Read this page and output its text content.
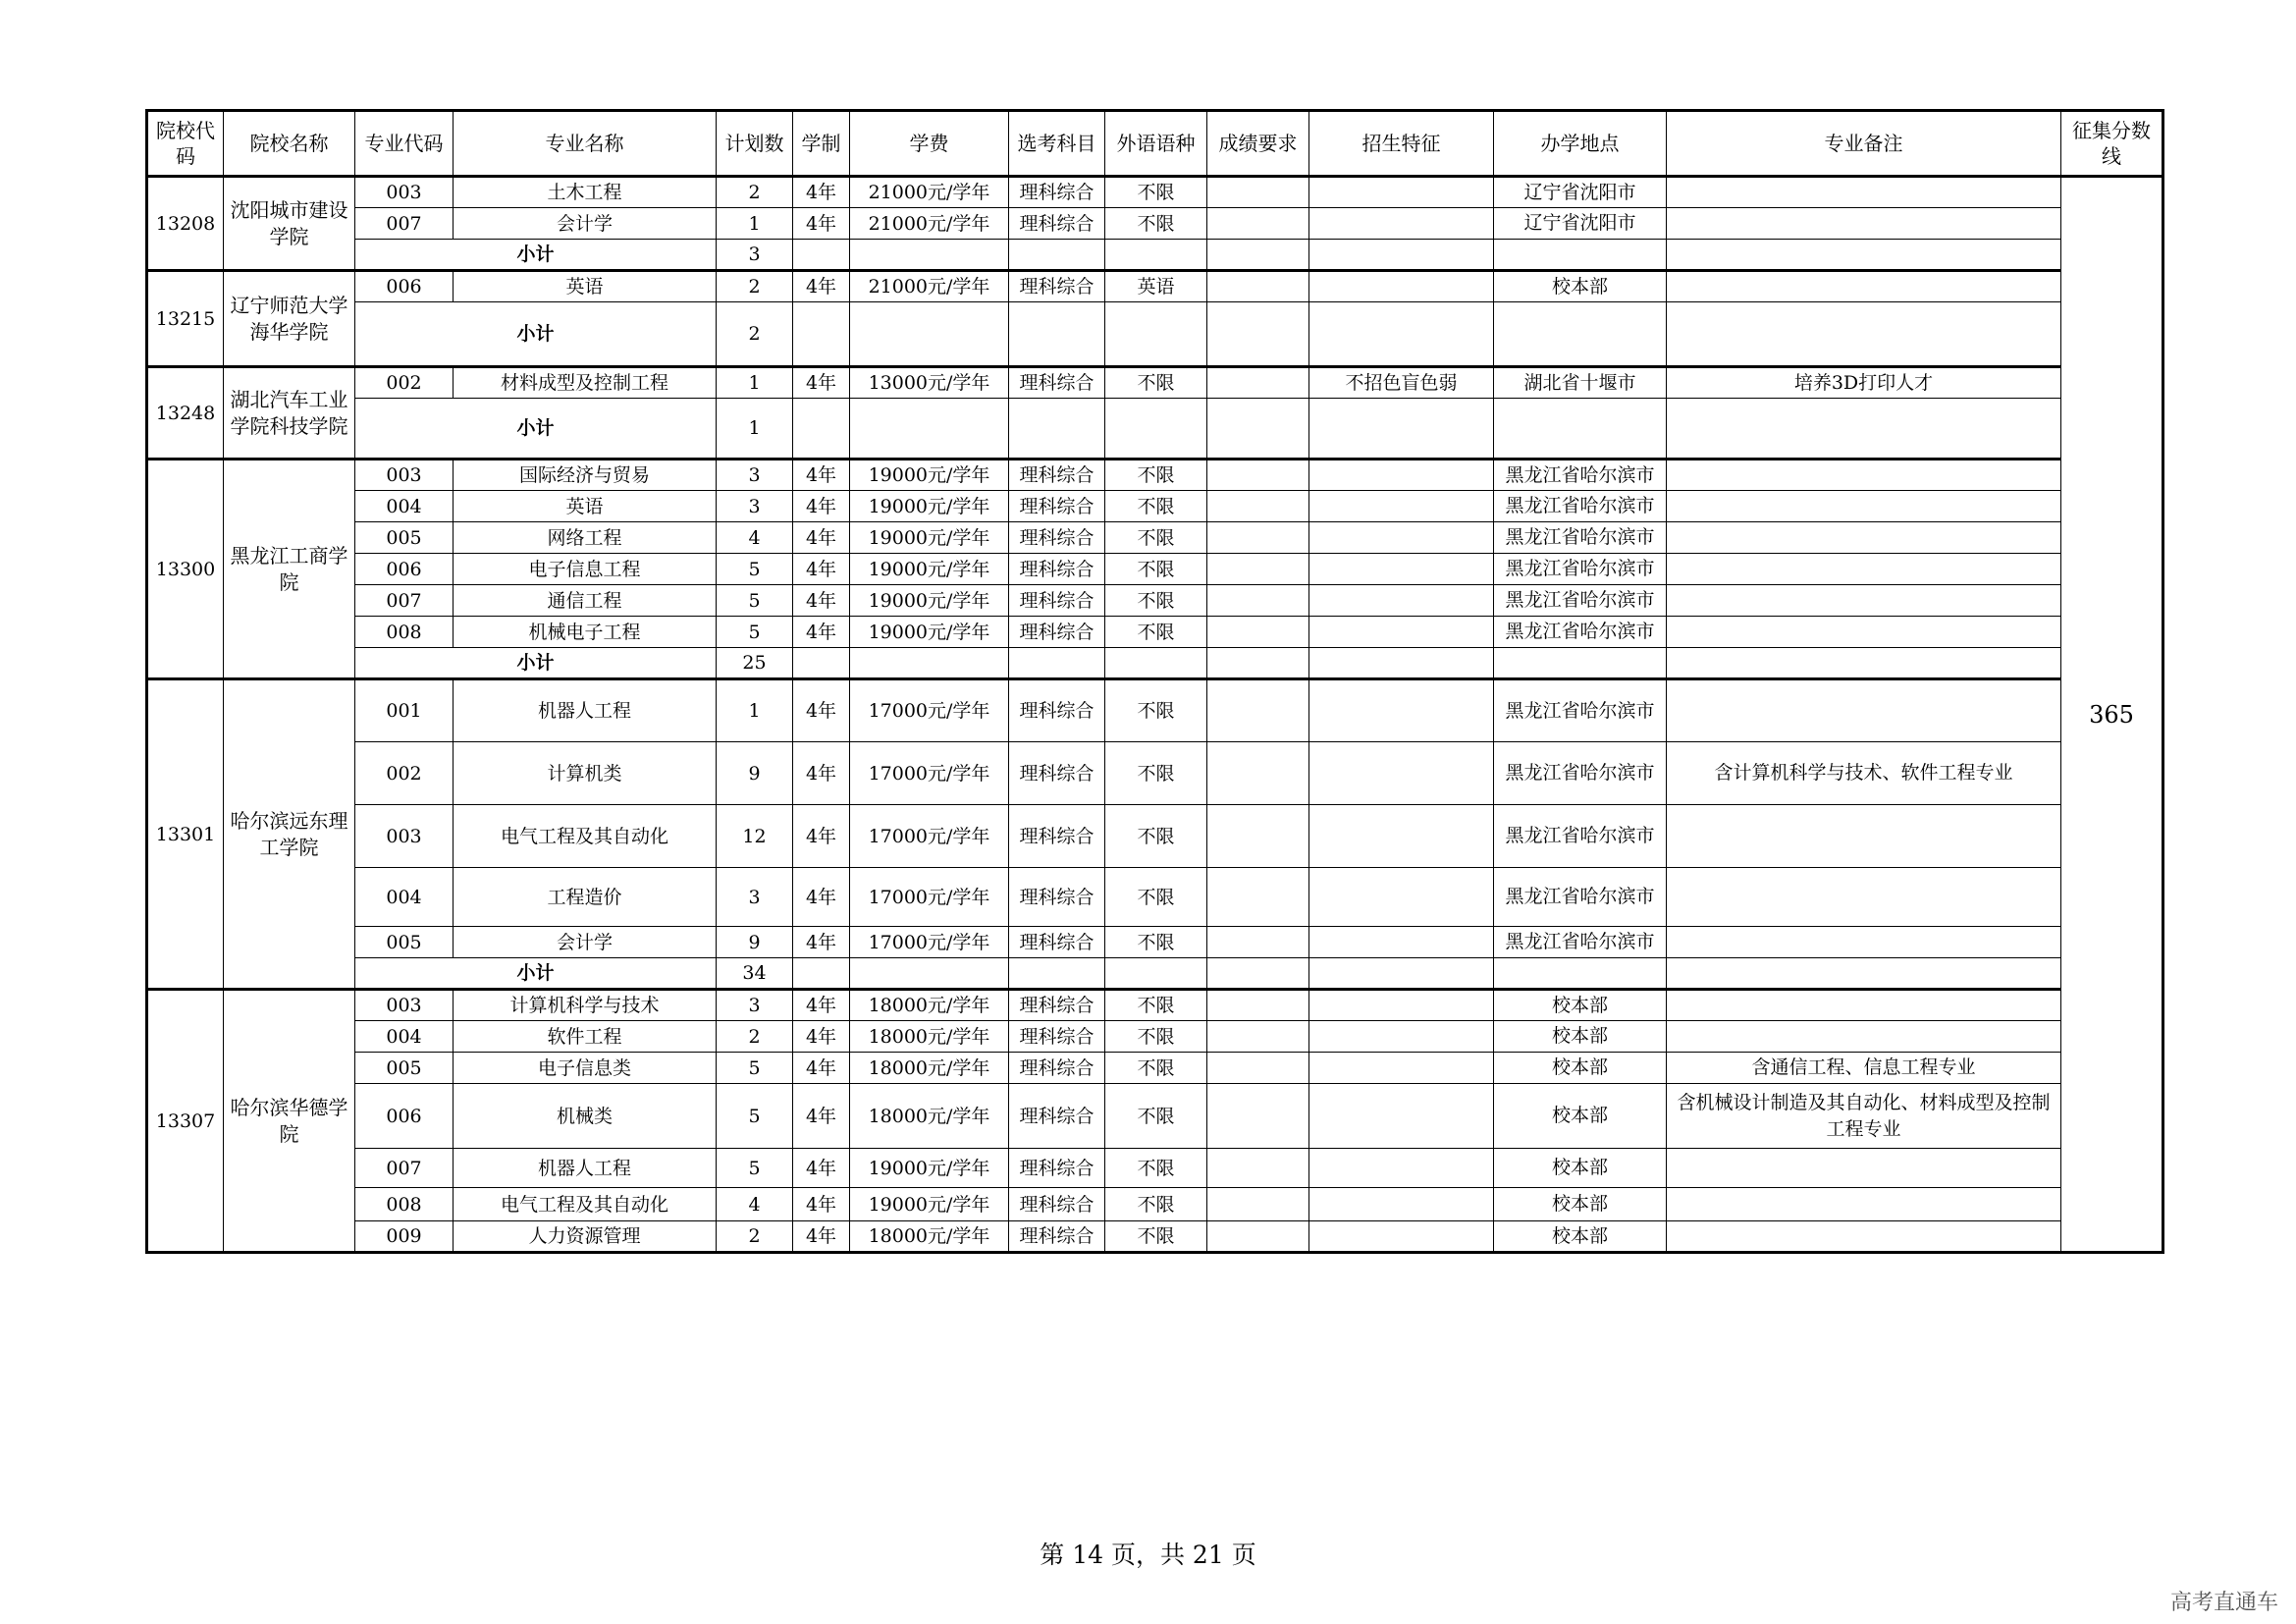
院校代码	院校名称	专业代码	专业名称	计划数	学制	学费	选考科目	外语语种	成绩要求	招生特征	办学地点	专业备注	征集分数线
13208	沈阳城市建设学院	003	土木工程	2	4年	21000元/学年	理科综合	不限			辽宁省沈阳市		365
		007	会计学	1	4年	21000元/学年	理科综合	不限			辽宁省沈阳市		
		小计		3									
13215	辽宁师范大学海华学院	006	英语	2	4年	21000元/学年	理科综合	英语			校本部		
		小计		2									
13248	湖北汽车工业学院科技学院	002	材料成型及控制工程	1	4年	13000元/学年	理科综合	不限		不招色盲色弱	湖北省十堰市	培养3D打印人才	
		小计		1									
13300	黑龙江工商学院	003	国际经济与贸易	3	4年	19000元/学年	理科综合	不限			黑龙江省哈尔滨市		
		004	英语	3	4年	19000元/学年	理科综合	不限			黑龙江省哈尔滨市		
		005	网络工程	4	4年	19000元/学年	理科综合	不限			黑龙江省哈尔滨市		
		006	电子信息工程	5	4年	19000元/学年	理科综合	不限			黑龙江省哈尔滨市		
		007	通信工程	5	4年	19000元/学年	理科综合	不限			黑龙江省哈尔滨市		
		008	机械电子工程	5	4年	19000元/学年	理科综合	不限			黑龙江省哈尔滨市		
		小计		25									
13301	哈尔滨远东理工学院	001	机器人工程	1	4年	17000元/学年	理科综合	不限			黑龙江省哈尔滨市		
		002	计算机类	9	4年	17000元/学年	理科综合	不限			黑龙江省哈尔滨市	含计算机科学与技术、软件工程专业	
		003	电气工程及其自动化	12	4年	17000元/学年	理科综合	不限			黑龙江省哈尔滨市		
		004	工程造价	3	4年	17000元/学年	理科综合	不限			黑龙江省哈尔滨市		
		005	会计学	9	4年	17000元/学年	理科综合	不限			黑龙江省哈尔滨市		
		小计		34									
13307	哈尔滨华德学院	003	计算机科学与技术	3	4年	18000元/学年	理科综合	不限			校本部		
		004	软件工程	2	4年	18000元/学年	理科综合	不限			校本部		
		005	电子信息类	5	4年	18000元/学年	理科综合	不限			校本部	含通信工程、信息工程专业	
		006	机械类	5	4年	18000元/学年	理科综合	不限			校本部	含机械设计制造及其自动化、材料成型及控制工程专业	
		007	机器人工程	5	4年	19000元/学年	理科综合	不限			校本部		
		008	电气工程及其自动化	4	4年	19000元/学年	理科综合	不限			校本部		
		009	人力资源管理	2	4年	18000元/学年	理科综合	不限			校本部		
第 14 页，共 21 页
高考直通车
